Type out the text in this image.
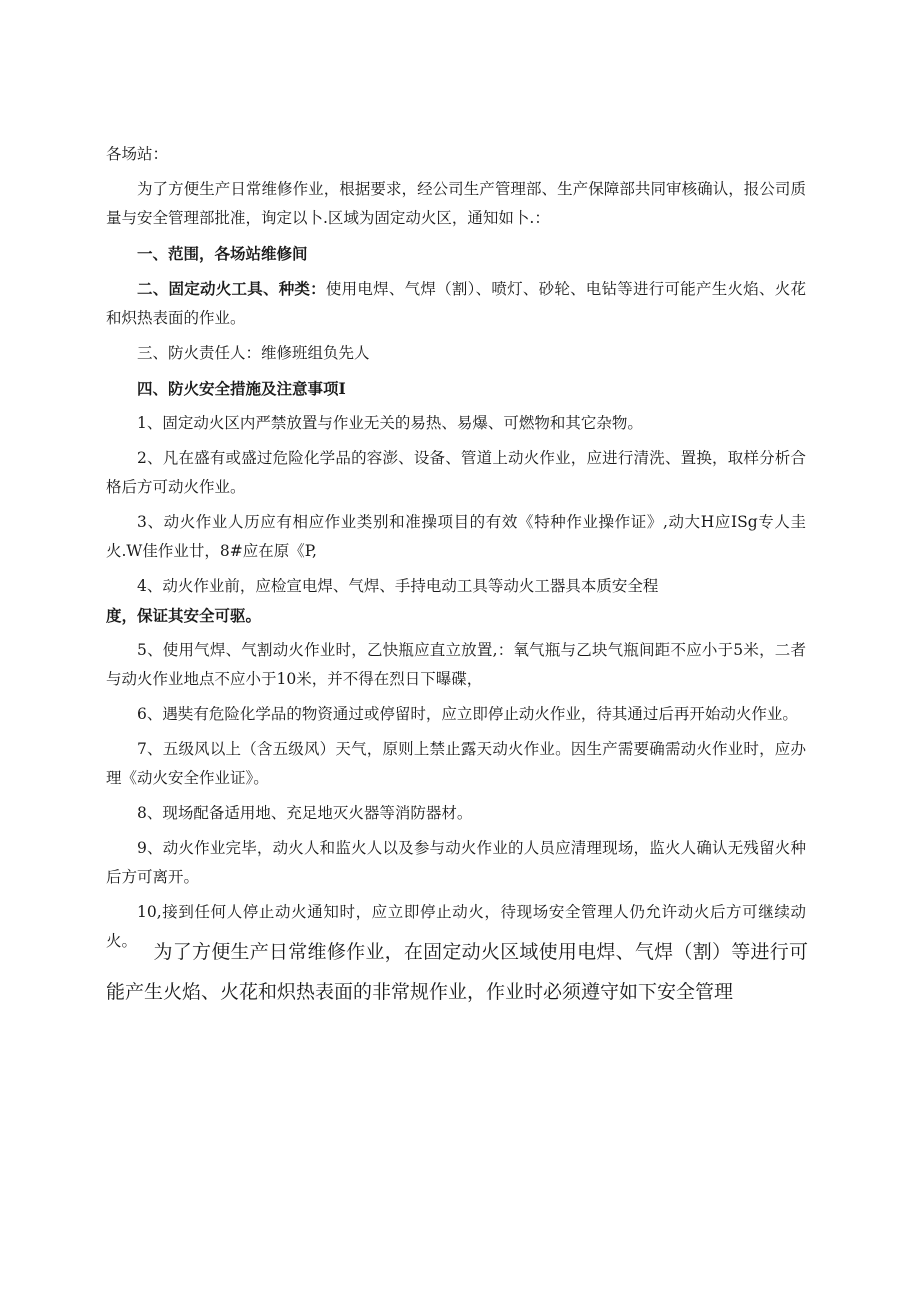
各场站：

为了方便生产日常维修作业，根据要求，经公司生产管理部、生产保障部共同审核确认，报公司质量与安全管理部批准，询定以卜.区域为固定动火区，通知如卜.：

一、范围，各场站维修间

二、固定动火工具、种类：使用电焊、气焊（割）、喷灯、砂轮、电钻等进行可能产生火焰、火花和炽热表面的作业。

三、防火责任人：维修班组负先人

四、防火安全措施及注意事项I

1、固定动火区内严禁放置与作业无关的易热、易爆、可燃物和其它杂物。

2、凡在盛有或盛过危险化学品的容澎、设备、管道上动火作业，应进行清洗、置换，取样分析合格后方可动火作业。

3、动火作业人历应有相应作业类别和准操项目的有效《特种作业操作证》,动大H应ISg专人圭火.W佳作业廿，8#应在原《P,

4、动火作业前，应检宣电焊、气焊、手持电动工具等动火工器具本质安全程

度，保证其安全可驱。

5、使用气焊、气割动火作业时，乙快瓶应直立放置,：氧气瓶与乙块气瓶间距不应小于5米，二者与动火作业地点不应小于10米，并不得在烈日下曝碟，

6、遇奘有危险化学品的物资通过或停留时，应立即停止动火作业，待其通过后再开始动火作业。

7、五级风以上（含五级风）天气，原则上禁止露天动火作业。因生产需要确需动火作业时，应办理《动火安全作业证》。

8、现场配备适用地、充足地灭火器等消防器材。

9、动火作业完毕，动火人和监火人以及参与动火作业的人员应清理现场，监火人确认无残留火种后方可离开。

10,接到任何人停止动火通知时，应立即停止动火，待现场安全管理人仍允许动火后方可继续动火。 为了方便生产日常维修作业，在固定动火区域使用电焊、气焊（割）等进行可能产生火焰、火花和炽热表面的非常规作业，作业时必须遵守如下安全管理
